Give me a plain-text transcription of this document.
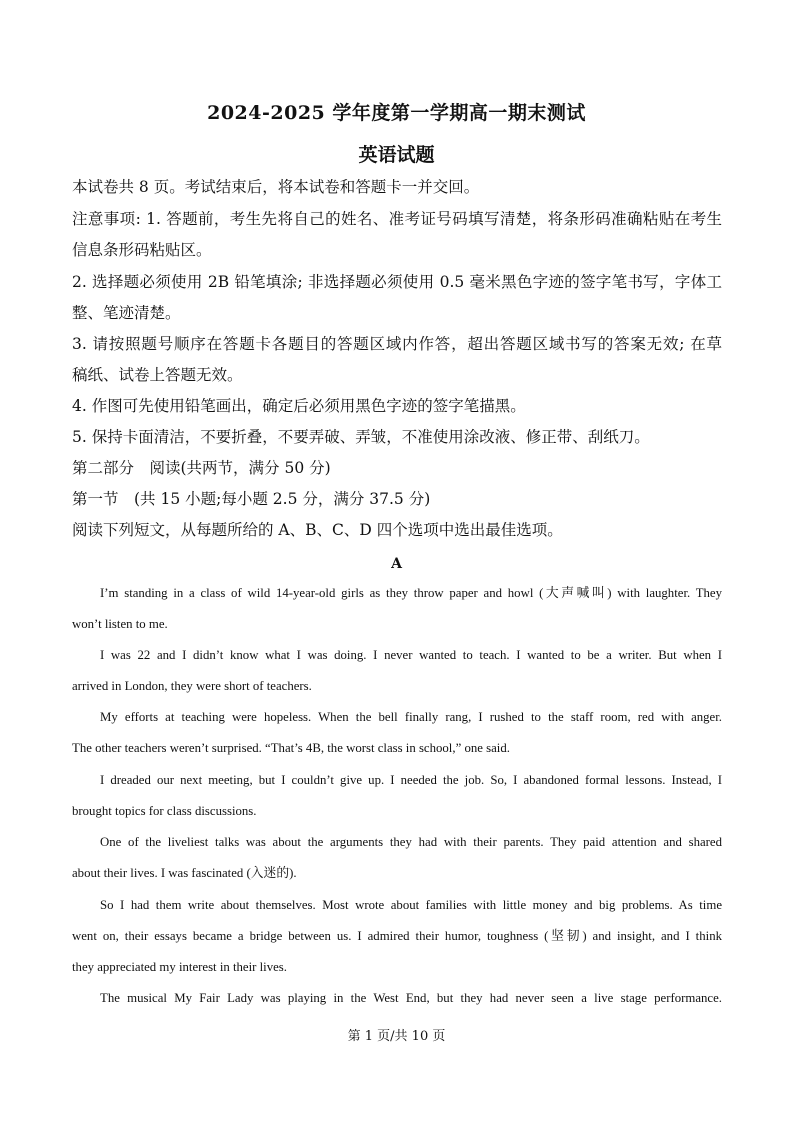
2024-2025 学年度第一学期高一期末测试
英语试题
本试卷共 8 页。考试结束后，将本试卷和答题卡一并交回。
注意事项: 1. 答题前，考生先将自己的姓名、准考证号码填写清楚，将条形码准确粘贴在考生
信息条形码粘贴区。
2. 选择题必须使用 2B 铅笔填涂; 非选择题必须使用 0.5 毫米黑色字迹的签字笔书写，字体工
整、笔迹清楚。
3. 请按照题号顺序在答题卡各题目的答题区域内作答，超出答题区域书写的答案无效; 在草
稿纸、试卷上答题无效。
4. 作图可先使用铅笔画出，确定后必须用黑色字迹的签字笔描黑。
5. 保持卡面清洁，不要折叠，不要弄破、弄皱，不准使用涂改液、修正带、刮纸刀。
第二部分　阅读(共两节，满分 50 分)
第一节　(共 15 小题;每小题 2.5 分，满分 37.5 分)
阅读下列短文，从每题所给的 A、B、C、D 四个选项中选出最佳选项。
A
I’m standing in a class of wild 14-year-old girls as they throw paper and howl (大声喊叫) with laughter. They
won’t listen to me.
I was 22 and I didn’t know what I was doing. I never wanted to teach. I wanted to be a writer. But when I
arrived in London, they were short of teachers.
My efforts at teaching were hopeless. When the bell finally rang, I rushed to the staff room, red with anger.
The other teachers weren’t surprised. “That’s 4B, the worst class in school,” one said.
I dreaded our next meeting, but I couldn’t give up. I needed the job. So, I abandoned formal lessons. Instead, I
brought topics for class discussions.
One of the liveliest talks was about the arguments they had with their parents. They paid attention and shared
about their lives. I was fascinated (入迷的).
So I had them write about themselves. Most wrote about families with little money and big problems. As time
went on, their essays became a bridge between us. I admired their humor, toughness (坚韧) and insight, and I think
they appreciated my interest in their lives.
The musical My Fair Lady was playing in the West End, but they had never seen a live stage performance.
第 1 页/共 10 页
